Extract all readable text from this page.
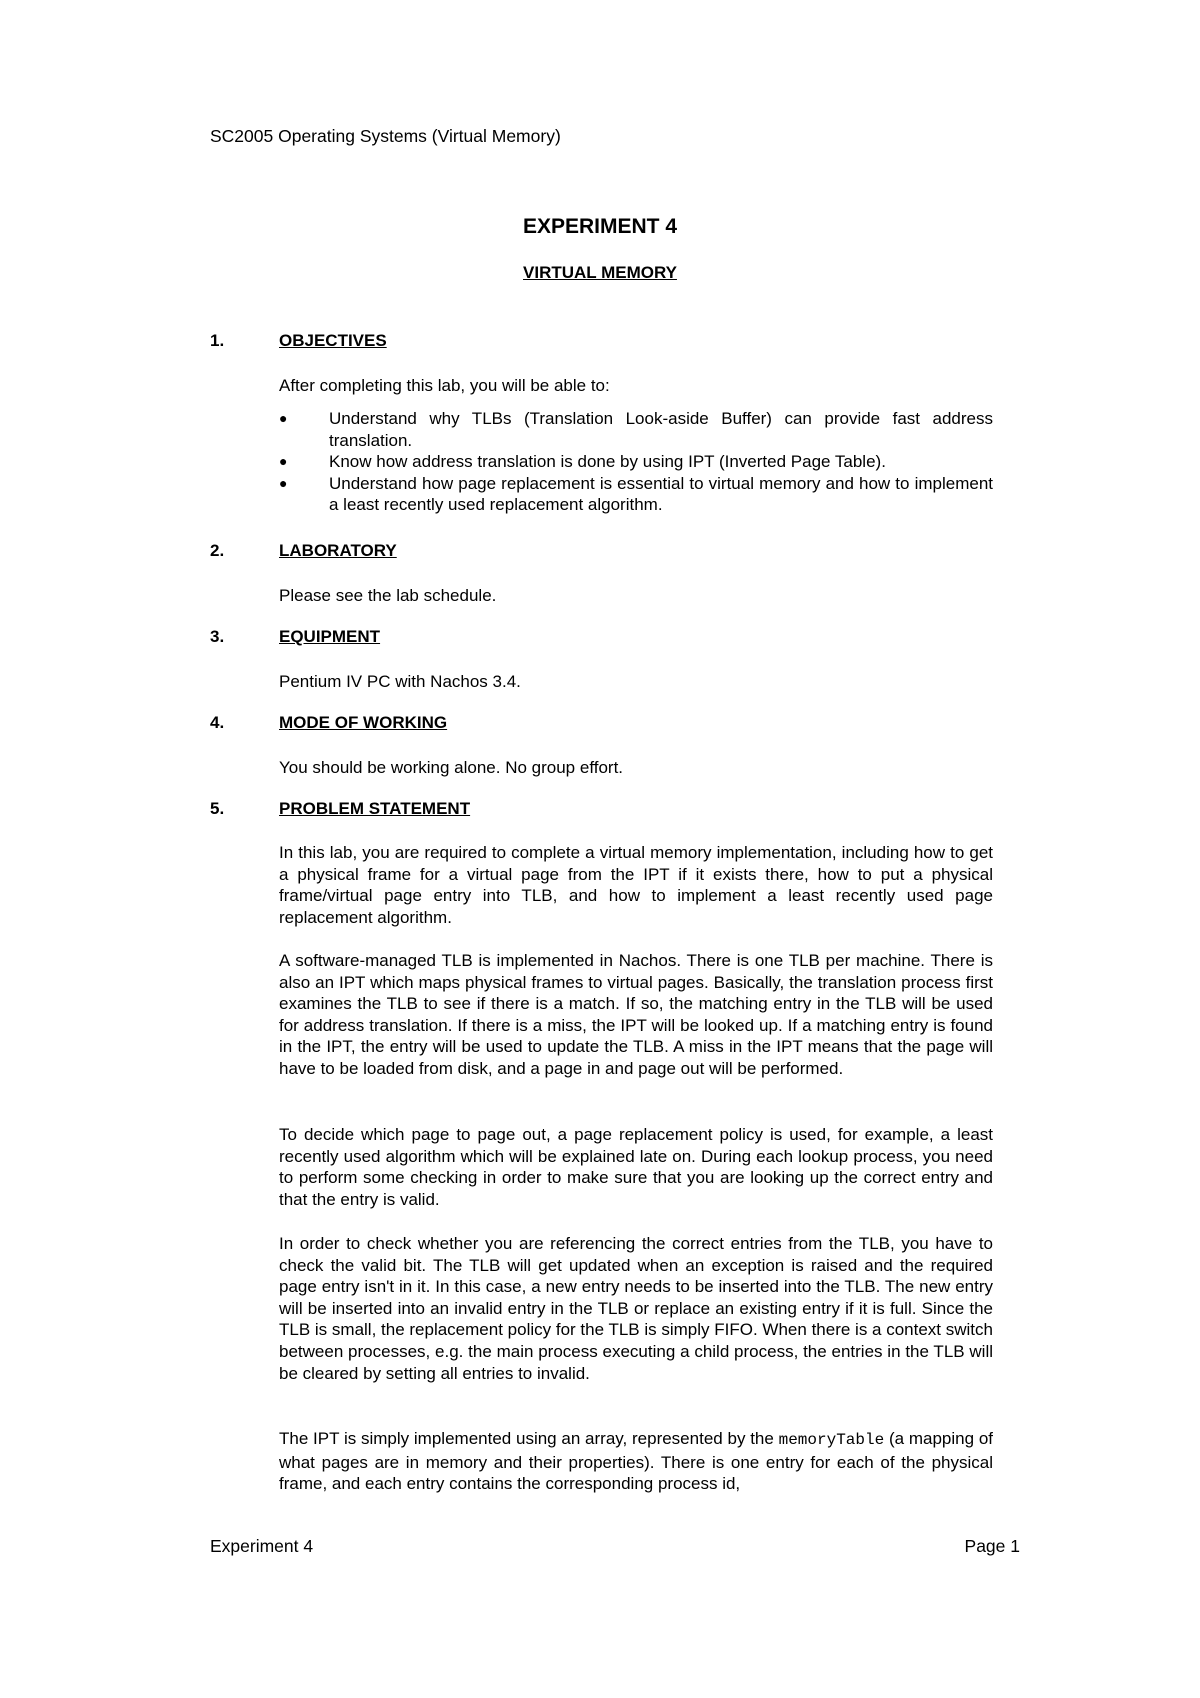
SC2005 Operating Systems (Virtual Memory)
EXPERIMENT 4
VIRTUAL MEMORY
1.	OBJECTIVES
After completing this lab, you will be able to:
●	Understand why TLBs (Translation Look-aside Buffer) can provide fast address translation.
●	Know how address translation is done by using IPT (Inverted Page Table).
●	Understand how page replacement is essential to virtual memory and how to implement a least recently used replacement algorithm.
2.	LABORATORY
Please see the lab schedule.
3.	EQUIPMENT
Pentium IV PC with Nachos 3.4.
4.	MODE OF WORKING
You should be working alone. No group effort.
5.	PROBLEM STATEMENT
In this lab, you are required to complete a virtual memory implementation, including how to get a physical frame for a virtual page from the IPT if it exists there, how to put a physical frame/virtual page entry into TLB, and how to implement a least recently used page replacement algorithm.
A software-managed TLB is implemented in Nachos. There is one TLB per machine. There is also an IPT which maps physical frames to virtual pages. Basically, the translation process first examines the TLB to see if there is a match. If so, the matching entry in the TLB will be used for address translation. If there is a miss, the IPT will be looked up. If a matching entry is found in the IPT, the entry will be used to update the TLB. A miss in the IPT means that the page will have to be loaded from disk, and a page in and page out will be performed.
To decide which page to page out, a page replacement policy is used, for example, a least recently used algorithm which will be explained late on. During each lookup process, you need to perform some checking in order to make sure that you are looking up the correct entry and that the entry is valid.
In order to check whether you are referencing the correct entries from the TLB, you have to check the valid bit. The TLB will get updated when an exception is raised and the required page entry isn't in it. In this case, a new entry needs to be inserted into the TLB. The new entry will be inserted into an invalid entry in the TLB or replace an existing entry if it is full. Since the TLB is small, the replacement policy for the TLB is simply FIFO. When there is a context switch between processes, e.g. the main process executing a child process, the entries in the TLB will be cleared by setting all entries to invalid.
The IPT is simply implemented using an array, represented by the memoryTable (a mapping of what pages are in memory and their properties). There is one entry for each of the physical frame, and each entry contains the corresponding process id,
Experiment 4	Page 1
